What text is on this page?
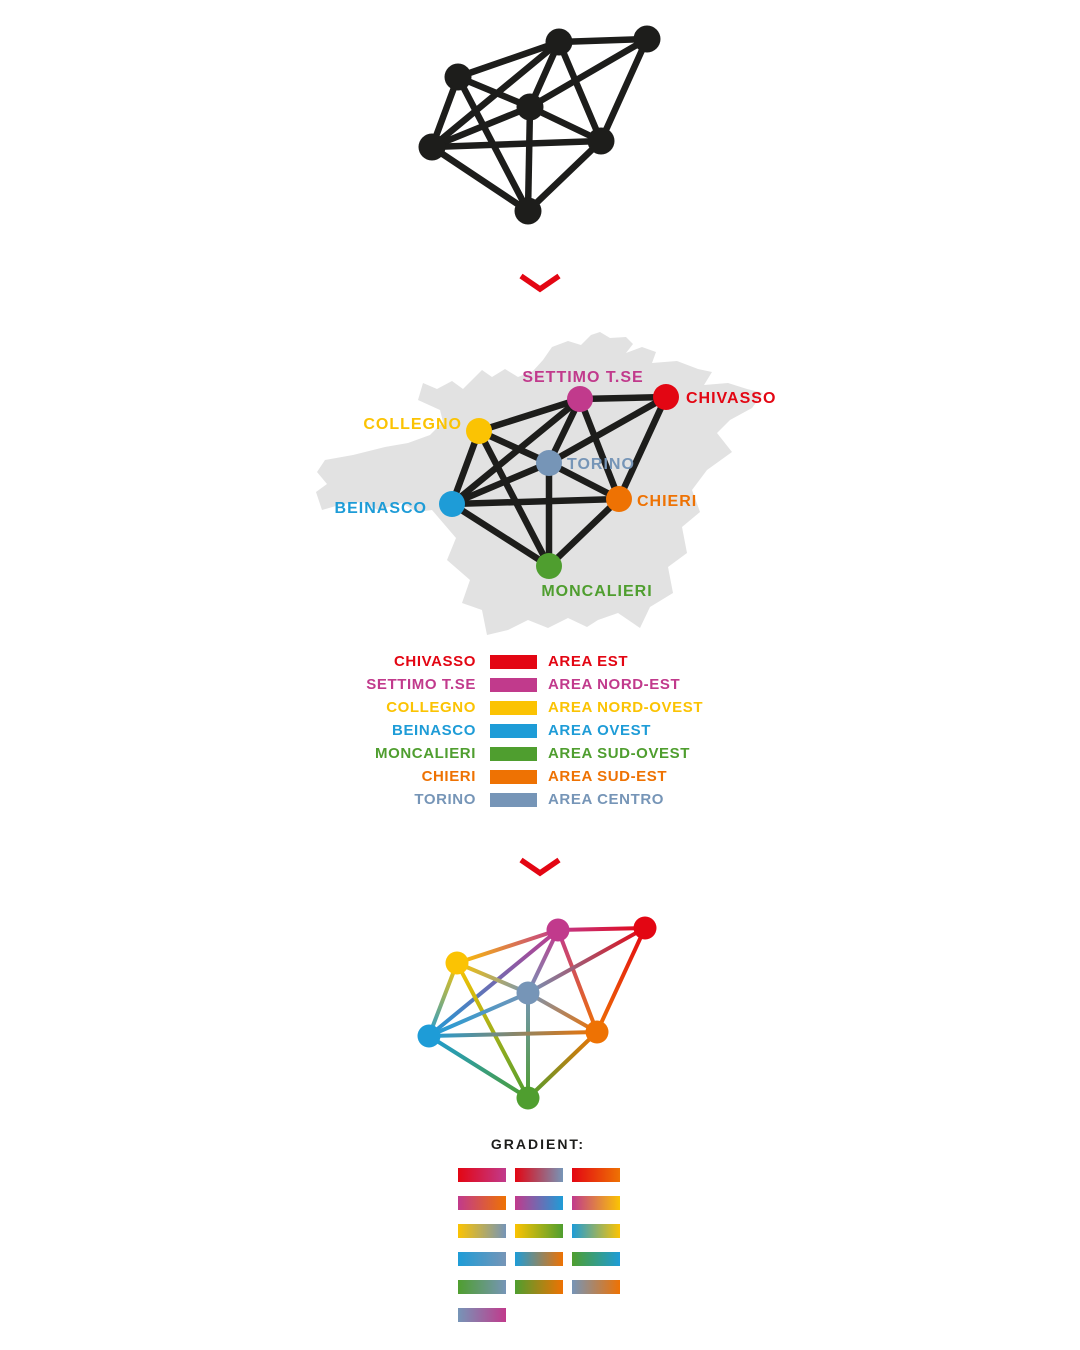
SETTIMO T.SE
CHIVASSO
COLLEGNO
TORINO
BEINASCO	CHIERI
MONCALIERI
CHIVASSO	AREA EST
SETTIMO T.SE	AREA NORD-EST
COLLEGNO	AREA NORD-OVEST
BEINASCO	AREA OVEST
MONCALIERI	AREA SUD-OVEST
CHIERI	AREA SUD-EST
TORINO	AREA CENTRO
GRADIENT:
